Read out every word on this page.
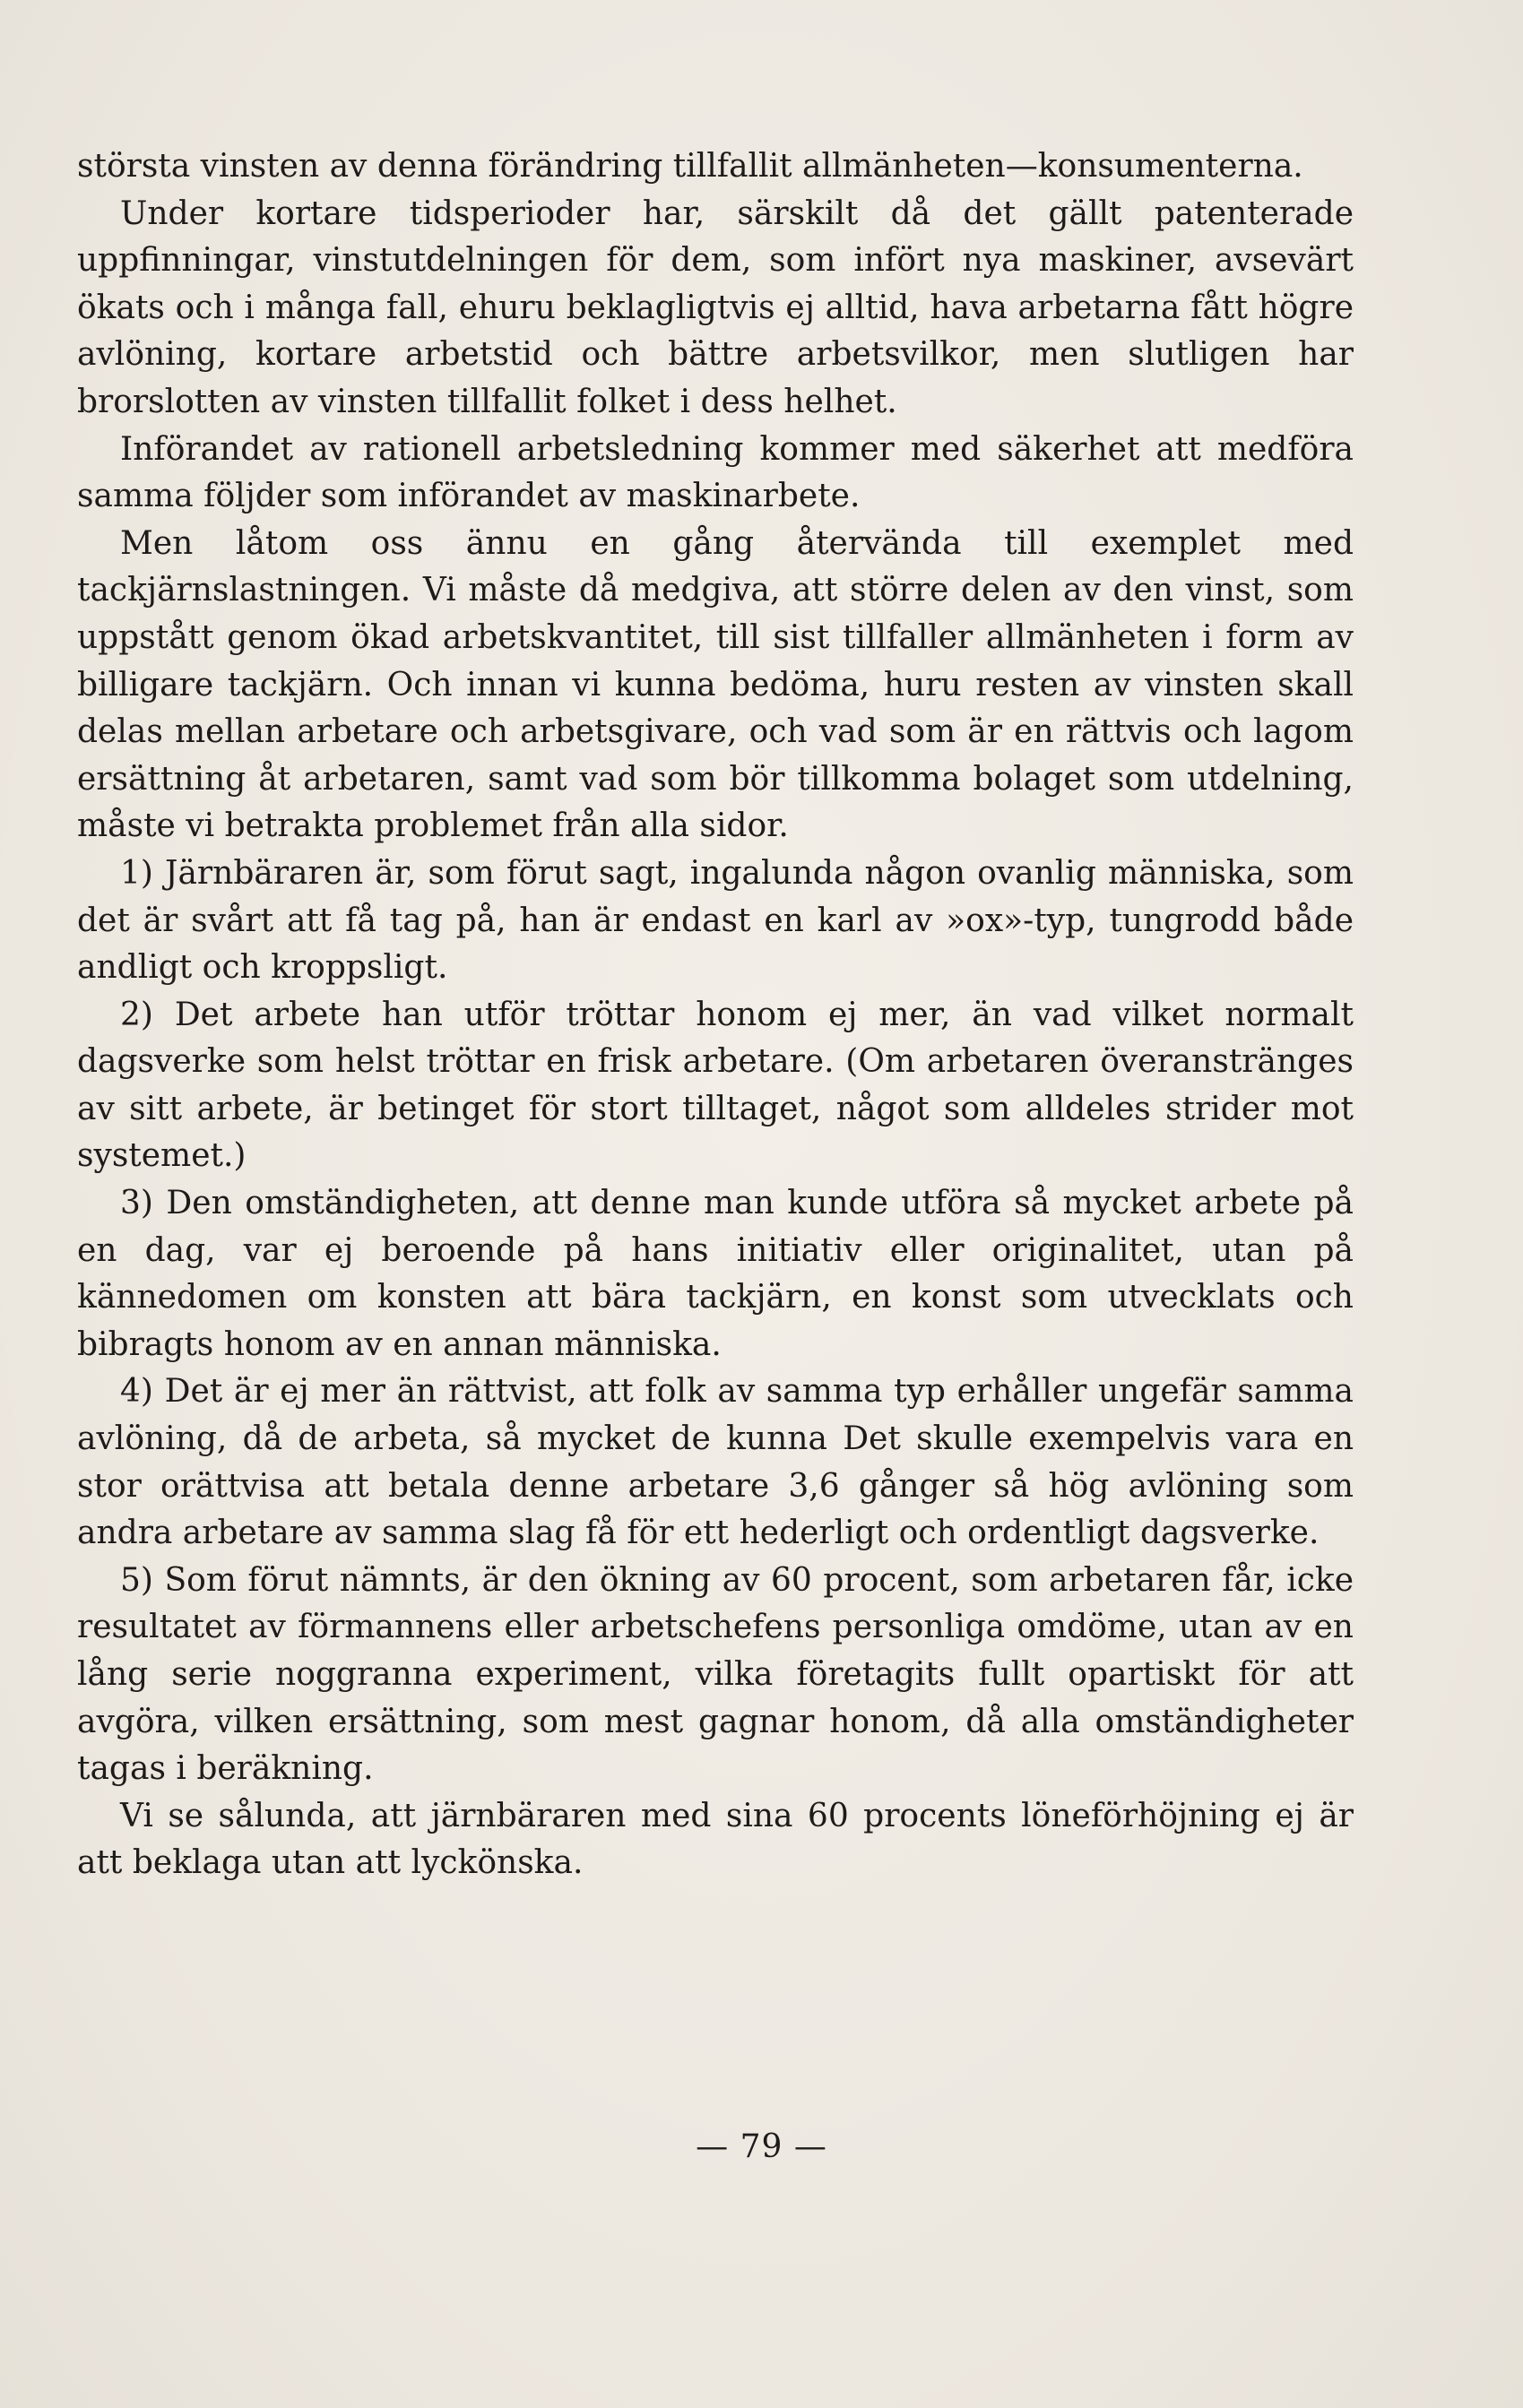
största vinsten av denna förändring tillfallit allmänheten—konsumenterna.

Under kortare tidsperioder har, särskilt då det gällt patenterade uppfinningar, vinstutdelningen för dem, som infört nya maskiner, avsevärt ökats och i många fall, ehuru beklagligtvis ej alltid, hava arbetarna fått högre avlöning, kortare arbetstid och bättre arbetsvilkor, men slutligen har brorslotten av vinsten tillfallit folket i dess helhet.

Införandet av rationell arbetsledning kommer med säkerhet att medföra samma följder som införandet av maskinarbete.

Men låtom oss ännu en gång återvända till exemplet med tackjärnslastningen. Vi måste då medgiva, att större delen av den vinst, som uppstått genom ökad arbetskvantitet, till sist tillfaller allmänheten i form av billigare tackjärn. Och innan vi kunna bedöma, huru resten av vinsten skall delas mellan arbetare och arbetsgivare, och vad som är en rättvis och lagom ersättning åt arbetaren, samt vad som bör tillkomma bolaget som utdelning, måste vi betrakta problemet från alla sidor.

1) Järnbäraren är, som förut sagt, ingalunda någon ovanlig människa, som det är svårt att få tag på, han är endast en karl av »ox»-typ, tungrodd både andligt och kroppsligt.

2) Det arbete han utför tröttar honom ej mer, än vad vilket normalt dagsverke som helst tröttar en frisk arbetare. (Om arbetaren överanstränges av sitt arbete, är betinget för stort tilltaget, något som alldeles strider mot systemet.)

3) Den omständigheten, att denne man kunde utföra så mycket arbete på en dag, var ej beroende på hans initiativ eller originalitet, utan på kännedomen om konsten att bära tackjärn, en konst som utvecklats och bibragts honom av en annan människa.

4) Det är ej mer än rättvist, att folk av samma typ erhåller ungefär samma avlöning, då de arbeta, så mycket de kunna Det skulle exempelvis vara en stor orättvisa att betala denne arbetare 3,6 gånger så hög avlöning som andra arbetare av samma slag få för ett hederligt och ordentligt dagsverke.

5) Som förut nämnts, är den ökning av 60 procent, som arbetaren får, icke resultatet av förmannens eller arbetschefens personliga omdöme, utan av en lång serie noggranna experiment, vilka företagits fullt opartiskt för att avgöra, vilken ersättning, som mest gagnar honom, då alla omständigheter tagas i beräkning.

Vi se sålunda, att järnbäraren med sina 60 procents löneförhöjning ej är att beklaga utan att lyckönska.

— 79 —
